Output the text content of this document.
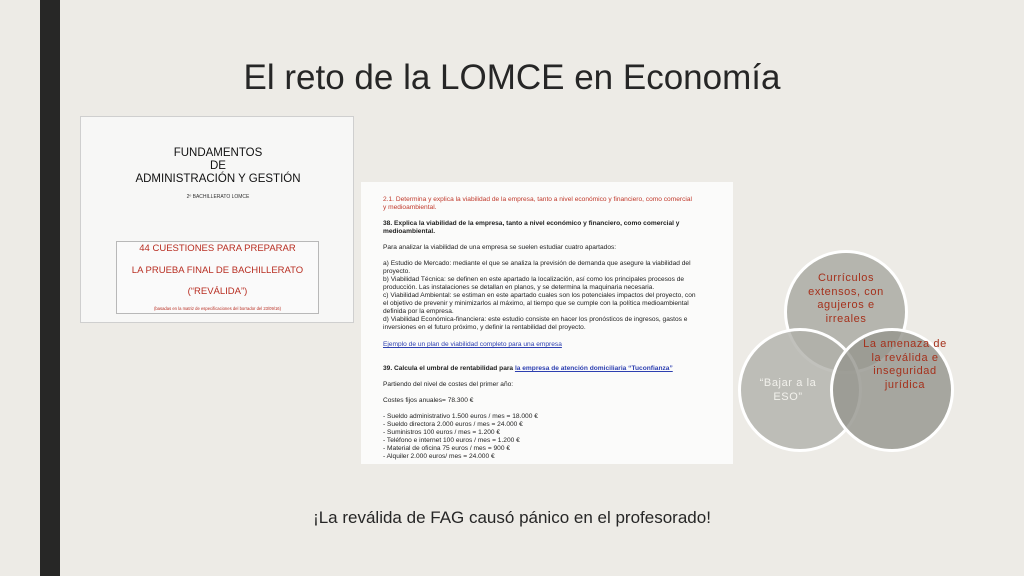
El reto de la LOMCE en Economía
FUNDAMENTOS
DE
ADMINISTRACIÓN Y GESTIÓN
2º BACHILLERATO LOMCE
44 CUESTIONES PARA PREPARAR
LA PRUEBA FINAL DE BACHILLERATO
(“REVÁLIDA”)
(basadas en la matriz de especificaciones del borrador del 23/09/16)
2.1. Determina y explica la viabilidad de la empresa, tanto a nivel económico y financiero, como comercial
y medioambiental.
38. Explica la viabilidad de la empresa, tanto a nivel económico y financiero, como comercial y
medioambiental.
Para analizar la viabilidad de una empresa se suelen estudiar cuatro apartados:
a) Estudio de Mercado: mediante el que se analiza la previsión de demanda que asegure la viabilidad del
proyecto.
b) Viabilidad Técnica: se definen en este apartado la localización, así como los principales procesos de
producción. Las instalaciones se detallan en planos, y se determina la maquinaria necesaria.
c) Viabilidad Ambiental: se estiman en este apartado cuales son los potenciales impactos del proyecto, con
el objetivo de prevenir y minimizarlos al máximo, al tiempo que se cumple con la política medioambiental
definida por la empresa.
d) Viabilidad Económica-financiera: este estudio consiste en hacer los pronósticos de ingresos, gastos e
inversiones en el futuro próximo, y definir la rentabilidad del proyecto.
Ejemplo de un plan de viabilidad completo para una empresa
39. Calcula el umbral de rentabilidad para la empresa de atención domiciliaria “Tuconfianza”
Partiendo del nivel de costes del primer año:
Costes fijos anuales= 78.300 €
- Sueldo administrativo 1.500 euros / mes = 18.000 €
- Sueldo directora 2.000 euros / mes = 24.000 €
- Suministros 100 euros / mes = 1.200 €
- Teléfono e internet 100 euros / mes = 1.200 €
- Material de oficina 75 euros / mes = 900 €
- Alquiler 2.000 euros/ mes = 24.000 €
Currículos extensos, con agujeros e irreales
“Bajar a la ESO”
La amenaza de la reválida e inseguridad jurídica
¡La reválida de FAG causó pánico en el profesorado!
